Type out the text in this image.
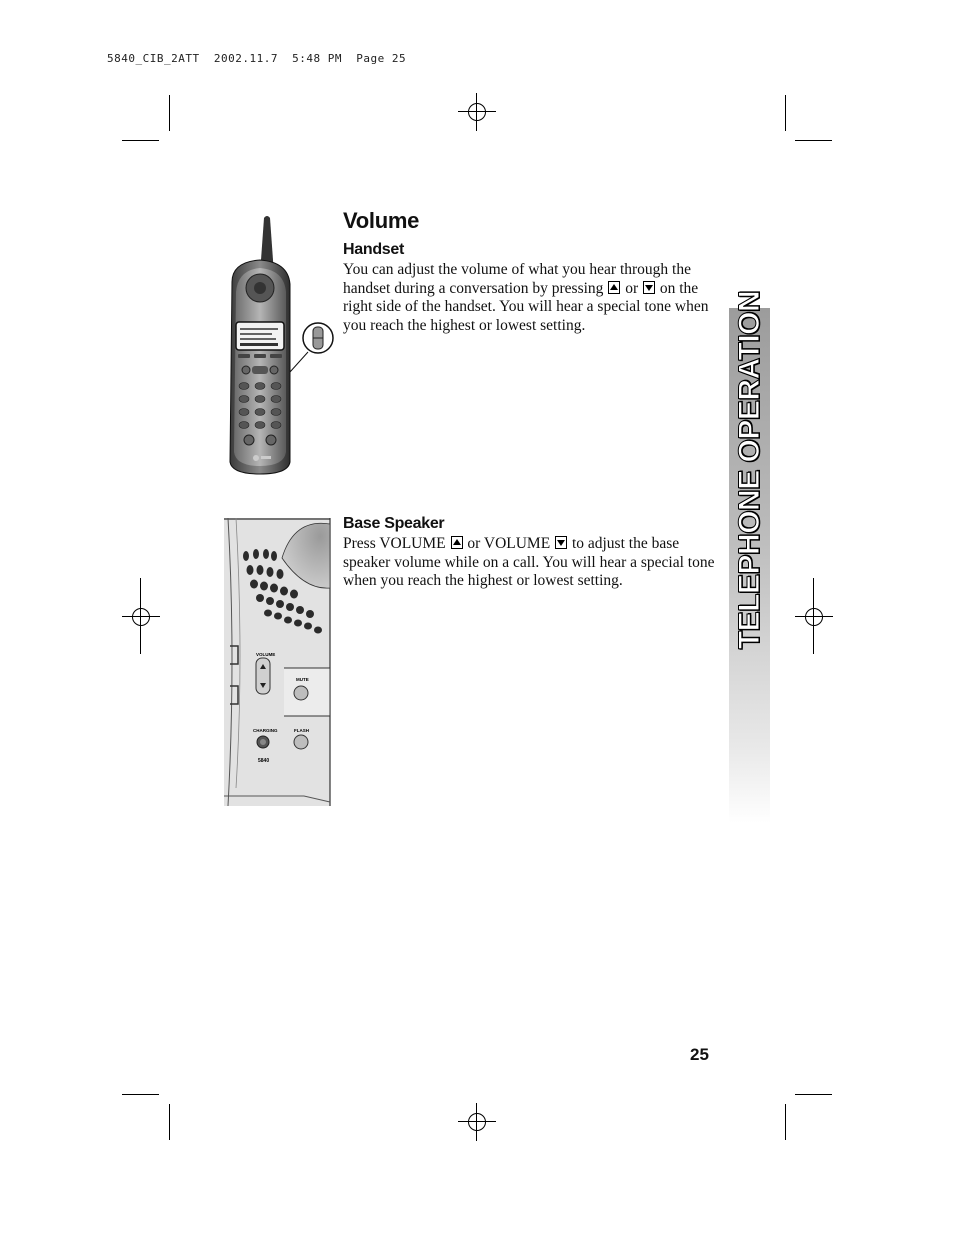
5840_CIB_2ATT  2002.11.7  5:48 PM  Page 25
Volume
Handset

You can adjust the volume of what you hear through the handset during a conversation by pressing or on the right side of the handset. You will hear a special tone when you reach the highest or lowest setting.

VOLUME
MUTE
CHARGING	FLASH
5840
Base Speaker

Press VOLUME or VOLUME to adjust the base speaker volume while on a call. You will hear a special tone when you reach the highest or lowest setting.	TELEPHONE OPERATION
25
